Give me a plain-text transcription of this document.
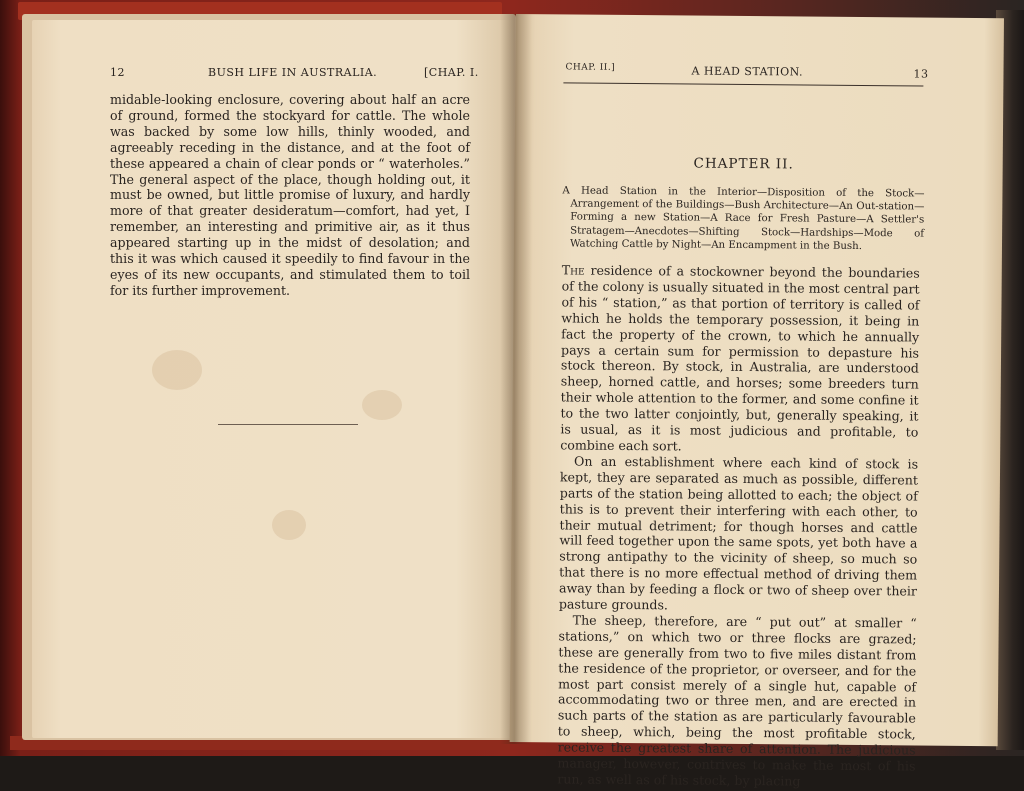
12	BUSH LIFE IN AUSTRALIA.	[CHAP. I.

midable-looking enclosure, covering about half an acre of ground, formed the stockyard for cattle. The whole was backed by some low hills, thinly wooded, and agreeably receding in the distance, and at the foot of these appeared a chain of clear ponds or “ waterholes.” The general aspect of the place, though holding out, it must be owned, but little promise of luxury, and hardly more of that greater desideratum—comfort, had yet, I remember, an interesting and primitive air, as it thus appeared starting up in the midst of desolation; and this it was which caused it speedily to find favour in the eyes of its new occupants, and stimulated them to toil for its further improvement.

CHAP. II.]	A HEAD STATION.	13
CHAPTER II.
A Head Station in the Interior—Disposition of the Stock—Arrangement of the Buildings—Bush Architecture—An Out-station—Forming a new Station—A Race for Fresh Pasture—A Settler's Stratagem—Anecdotes—Shifting Stock—Hardships—Mode of Watching Cattle by Night—An Encampment in the Bush.

The residence of a stockowner beyond the boundaries of the colony is usually situated in the most central part of his “ station,” as that portion of territory is called of which he holds the temporary possession, it being in fact the property of the crown, to which he annually pays a certain sum for permission to depasture his stock thereon. By stock, in Australia, are understood sheep, horned cattle, and horses; some breeders turn their whole attention to the former, and some confine it to the two latter conjointly, but, generally speaking, it is usual, as it is most judicious and profitable, to combine each sort.

On an establishment where each kind of stock is kept, they are separated as much as possible, different parts of the station being allotted to each; the object of this is to prevent their interfering with each other, to their mutual detriment; for though horses and cattle will feed together upon the same spots, yet both have a strong antipathy to the vicinity of sheep, so much so that there is no more effectual method of driving them away than by feeding a flock or two of sheep over their pasture grounds.

The sheep, therefore, are “ put out” at smaller “ stations,” on which two or three flocks are grazed; these are generally from two to five miles distant from the residence of the proprietor, or overseer, and for the most part consist merely of a single hut, capable of accommodating two or three men, and are erected in such parts of the station as are particularly favourable to sheep, which, being the most profitable stock, receive the greatest share of attention. The judicious manager, however, contrives to make the most of his run, as well as of his stock, by placing
